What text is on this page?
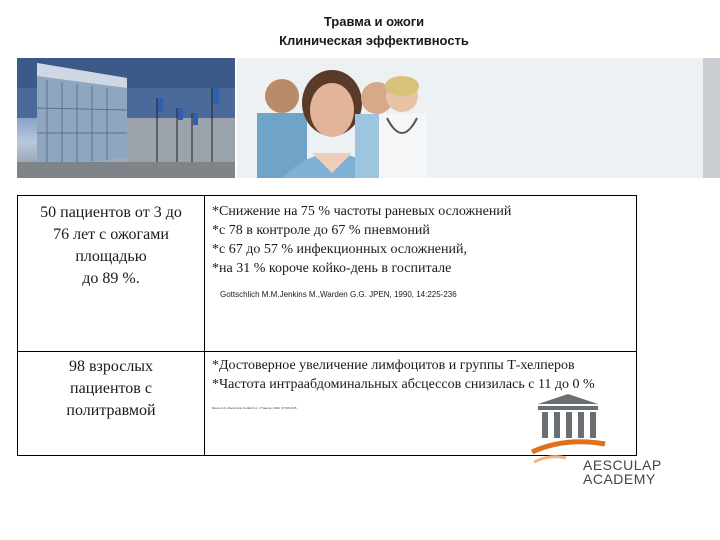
Травма и ожоги
Клиническая эффективность
50 пациентов от 3 до
76 лет с ожогами
площадью
до 89 %.
*Снижение на 75 % частоты раневых осложнений
*с 78 в контроле до 67 % пневмоний
*с 67 до 57 % инфекционных осложнений,
*на 31 % короче койко-день в госпитале
Gottschlich M.M.Jenkins M.,Warden G.G. JPEN, 1990, 14:225-236
98 взрослых
пациентов с
политравмой
*Достоверное увеличение лимфоцитов и группы Т-хелперов
*Частота интраабдоминальных абсцессов снизилась с 11 до 0 %
Moore F.A.,Moore E.E.,Kudsk K.A. J Trauma, 1994, 37:607-615
AESCULAP
ACADEMY
